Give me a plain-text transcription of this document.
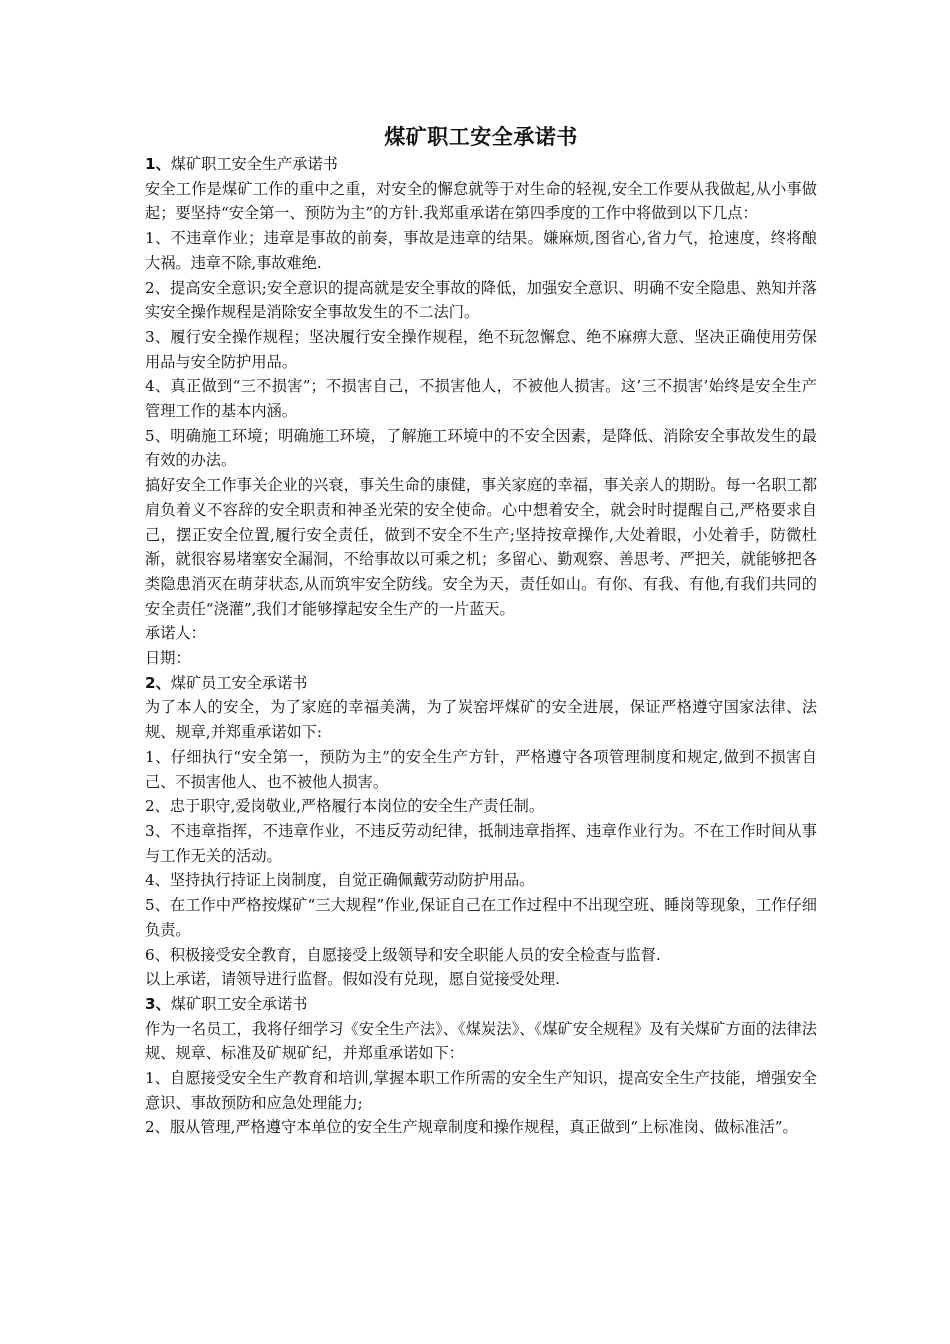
煤矿职工安全承诺书

1、煤矿职工安全生产承诺书

安全工作是煤矿工作的重中之重，对安全的懈怠就等于对生命的轻视,安全工作要从我做起,从小事做起；要坚持“安全第一、预防为主”的方针.我郑重承诺在第四季度的工作中将做到以下几点：

1、不违章作业；违章是事故的前奏，事故是违章的结果。嫌麻烦,图省心,省力气，抢速度，终将酿大祸。违章不除,事故难绝.

2、提高安全意识;安全意识的提高就是安全事故的降低，加强安全意识、明确不安全隐患、熟知并落实安全操作规程是消除安全事故发生的不二法门。

3、履行安全操作规程；坚决履行安全操作规程，绝不玩忽懈怠、绝不麻痹大意、坚决正确使用劳保用品与安全防护用品。

4、真正做到“三不损害”；不损害自己，不损害他人，不被他人损害。这’三不损害’始终是安全生产管理工作的基本内涵。

5、明确施工环境；明确施工环境，了解施工环境中的不安全因素，是降低、消除安全事故发生的最有效的办法。

搞好安全工作事关企业的兴衰，事关生命的康健，事关家庭的幸福，事关亲人的期盼。每一名职工都肩负着义不容辞的安全职责和神圣光荣的安全使命。心中想着安全，就会时时提醒自己,严格要求自己，摆正安全位置,履行安全责任，做到不安全不生产;坚持按章操作,大处着眼，小处着手，防微杜渐，就很容易堵塞安全漏洞，不给事故以可乘之机；多留心、勤观察、善思考、严把关，就能够把各类隐患消灭在萌芽状态,从而筑牢安全防线。安全为天，责任如山。有你、有我、有他,有我们共同的安全责任“浇灌”,我们才能够撑起安全生产的一片蓝天。

承诺人：

日期：

2、煤矿员工安全承诺书

为了本人的安全，为了家庭的幸福美满，为了炭窑坪煤矿的安全进展，保证严格遵守国家法律、法规、规章,并郑重承诺如下:

1、仔细执行“安全第一，预防为主”的安全生产方针，严格遵守各项管理制度和规定,做到不损害自己、不损害他人、也不被他人损害。

2、忠于职守,爱岗敬业,严格履行本岗位的安全生产责任制。

3、不违章指挥，不违章作业，不违反劳动纪律，抵制违章指挥、违章作业行为。不在工作时间从事与工作无关的活动。

4、坚持执行持证上岗制度，自觉正确佩戴劳动防护用品。

5、在工作中严格按煤矿“三大规程”作业,保证自己在工作过程中不出现空班、睡岗等现象，工作仔细负责。

6、积极接受安全教育，自愿接受上级领导和安全职能人员的安全检查与监督.

以上承诺，请领导进行监督。假如没有兑现，愿自觉接受处理.

3、煤矿职工安全承诺书

作为一名员工，我将仔细学习《安全生产法》、《煤炭法》、《煤矿安全规程》及有关煤矿方面的法律法规、规章、标准及矿规矿纪，并郑重承诺如下：

1、自愿接受安全生产教育和培训,掌握本职工作所需的安全生产知识，提高安全生产技能，增强安全意识、事故预防和应急处理能力;

2、服从管理,严格遵守本单位的安全生产规章制度和操作规程，真正做到“上标准岗、做标准活”。
